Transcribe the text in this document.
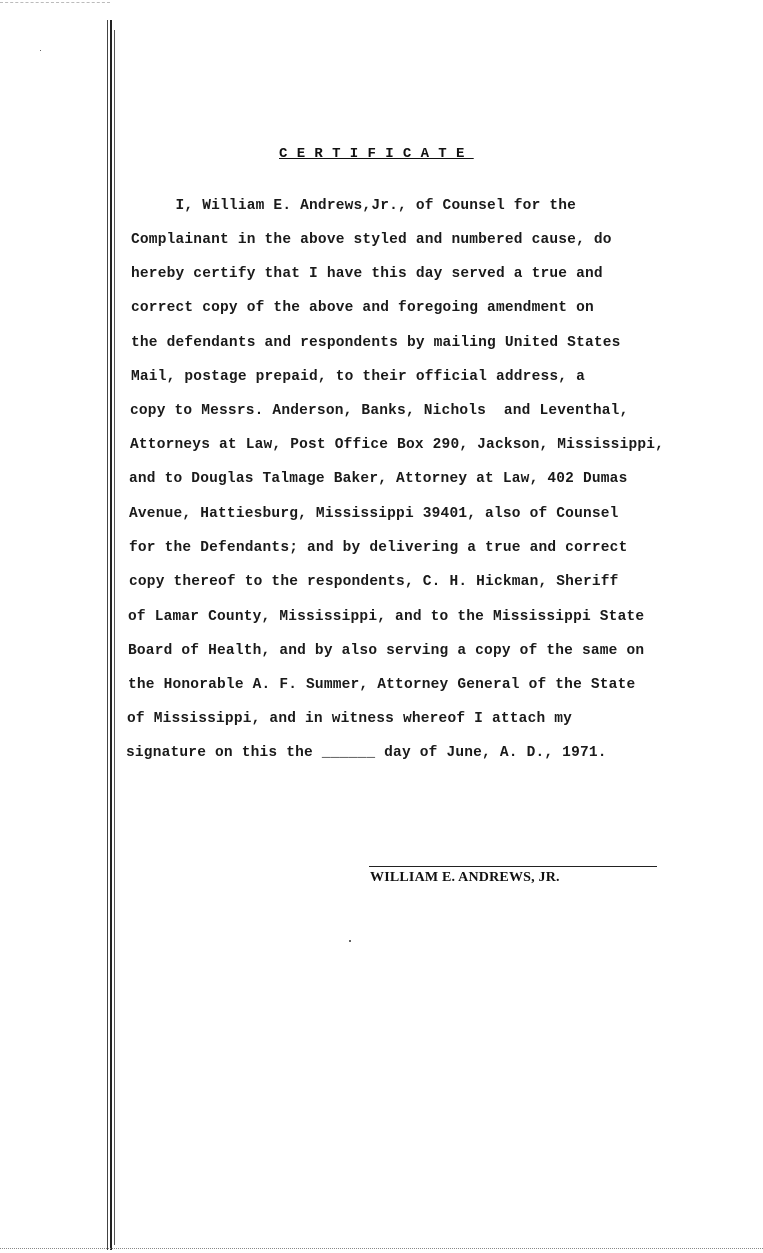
CERTIFICATE
I, William E. Andrews,Jr., of Counsel for the
Complainant in the above styled and numbered cause, do
hereby certify that I have this day served a true and
correct copy of the above and foregoing amendment on
the defendants and respondents by mailing United States
Mail, postage prepaid, to their official address, a
copy to Messrs. Anderson, Banks, Nichols  and Leventhal,
Attorneys at Law, Post Office Box 290, Jackson, Mississippi,
and to Douglas Talmage Baker, Attorney at Law, 402 Dumas
Avenue, Hattiesburg, Mississippi 39401, also of Counsel
for the Defendants; and by delivering a true and correct
copy thereof to the respondents, C. H. Hickman, Sheriff
of Lamar County, Mississippi, and to the Mississippi State
Board of Health, and by also serving a copy of the same on
the Honorable A. F. Summer, Attorney General of the State
of Mississippi, and in witness whereof I attach my
signature on this the ______ day of June, A. D., 1971.
WILLIAM E. ANDREWS, JR.
